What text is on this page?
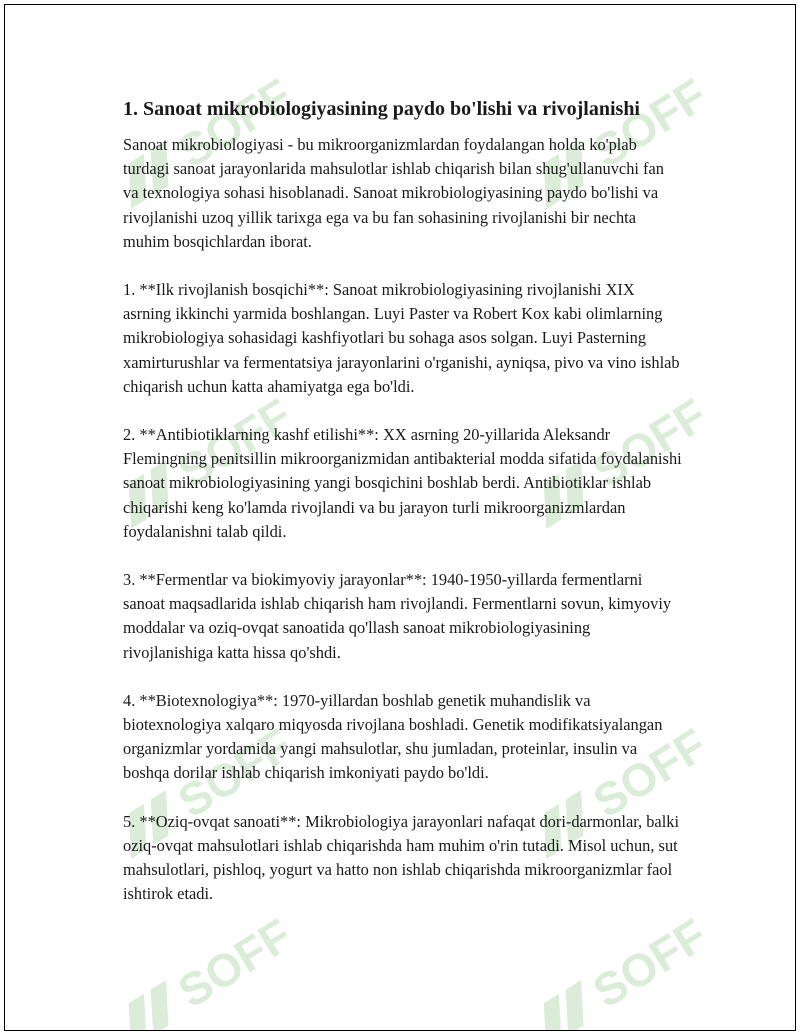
SOFF
1. Sanoat mikrobiologiyasining paydo bo'lishi va rivojlanishi

Sanoat mikrobiologiyasi - bu mikroorganizmlardan foydalangan holda ko'plab turdagi sanoat jarayonlarida mahsulotlar ishlab chiqarish bilan shug'ullanuvchi fan va texnologiya sohasi hisoblanadi. Sanoat mikrobiologiyasining paydo bo'lishi va rivojlanishi uzoq yillik tarixga ega va bu fan sohasining rivojlanishi bir nechta muhim bosqichlardan iborat.

1. **Ilk rivojlanish bosqichi**: Sanoat mikrobiologiyasining rivojlanishi XIX asrning ikkinchi yarmida boshlangan. Luyi Paster va Robert Kox kabi olimlarning mikrobiologiya sohasidagi kashfiyotlari bu sohaga asos solgan. Luyi Pasterning xamirturushlar va fermentatsiya jarayonlarini o'rganishi, ayniqsa, pivo va vino ishlab chiqarish uchun katta ahamiyatga ega bo'ldi.

2. **Antibiotiklarning kashf etilishi**: XX asrning 20-yillarida Aleksandr Flemingning penitsillin mikroorganizmidan antibakterial modda sifatida foydalanishi sanoat mikrobiologiyasining yangi bosqichini boshlab berdi. Antibiotiklar ishlab chiqarishi keng ko'lamda rivojlandi va bu jarayon turli mikroorganizmlardan foydalanishni talab qildi.

3. **Fermentlar va biokimyoviy jarayonlar**: 1940-1950-yillarda fermentlarni sanoat maqsadlarida ishlab chiqarish ham rivojlandi. Fermentlarni sovun, kimyoviy moddalar va oziq-ovqat sanoatida qo'llash sanoat mikrobiologiyasining rivojlanishiga katta hissa qo'shdi.

4. **Biotexnologiya**: 1970-yillardan boshlab genetik muhandislik va biotexnologiya xalqaro miqyosda rivojlana boshladi. Genetik modifikatsiyalangan organizmlar yordamida yangi mahsulotlar, shu jumladan, proteinlar, insulin va boshqa dorilar ishlab chiqarish imkoniyati paydo bo'ldi.

5. **Oziq-ovqat sanoati**: Mikrobiologiya jarayonlari nafaqat dori-darmonlar, balki oziq-ovqat mahsulotlari ishlab chiqarishda ham muhim o'rin tutadi. Misol uchun, sut mahsulotlari, pishloq, yogurt va hatto non ishlab chiqarishda mikroorganizmlar faol ishtirok etadi.
